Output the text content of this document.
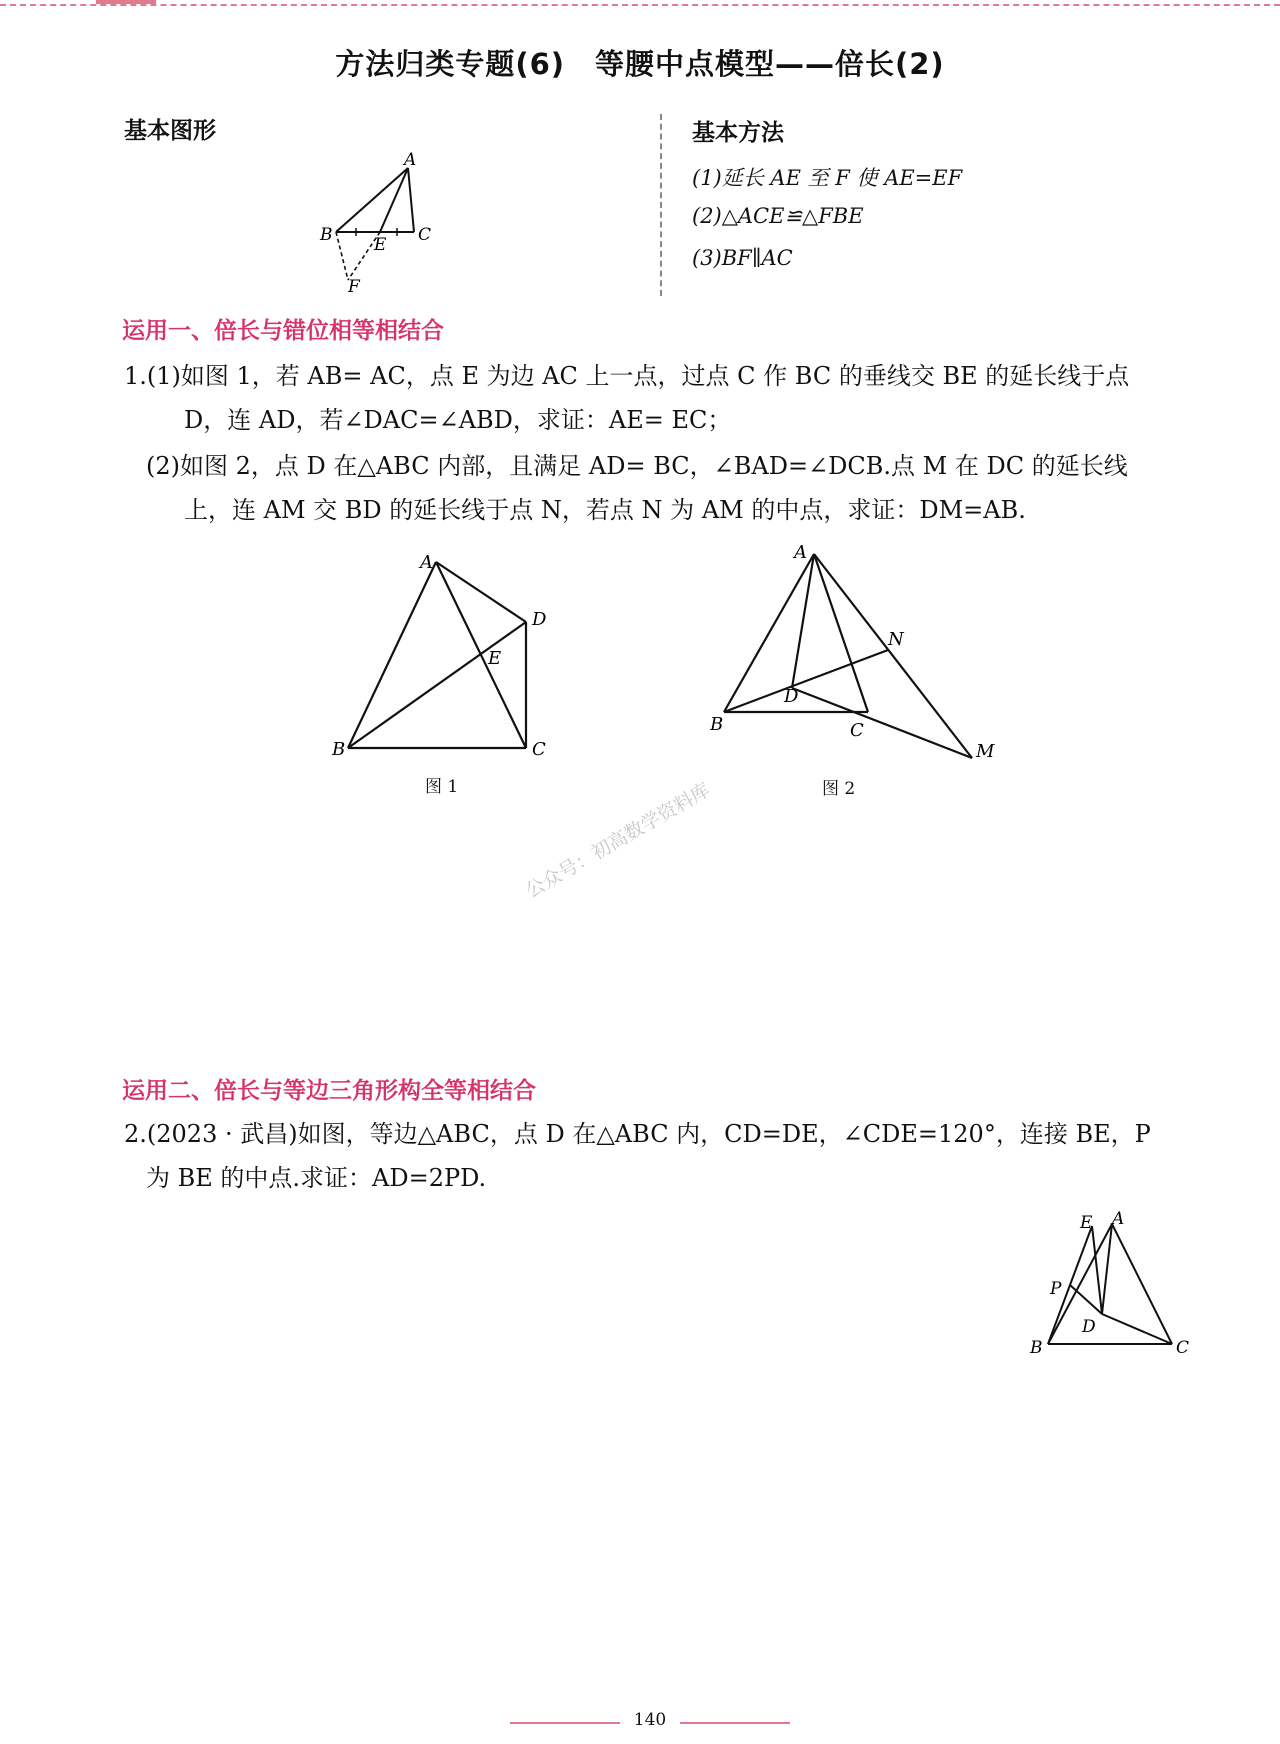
方法归类专题(6)　等腰中点模型——倍长(2)
基本图形
A
B	C
E
F
基本方法
(1)延长 AE 至 F 使 AE=EF
(2)△ACE≌△FBE
(3)BF∥AC
运用一、倍长与错位相等相结合
1.(1)如图 1，若 AB= AC，点 E 为边 AC 上一点，过点 C 作 BC 的垂线交 BE 的延长线于点
D，连 AD，若∠DAC=∠ABD，求证：AE= EC；
(2)如图 2，点 D 在△ABC 内部，且满足 AD= BC，∠BAD=∠DCB.点 M 在 DC 的延长线
上，连 AM 交 BD 的延长线于点 N，若点 N 为 AM 的中点，求证：DM=AB.
A
B	C
D
E
图 1
A
B	C
D
M
N
图 2
公众号：初高数学资料库
运用二、倍长与等边三角形构全等相结合
2.(2023 · 武昌)如图，等边△ABC，点 D 在△ABC 内，CD=DE，∠CDE=120°，连接 BE，P
为 BE 的中点.求证：AD=2PD.
E A
P
D
B	C
140
